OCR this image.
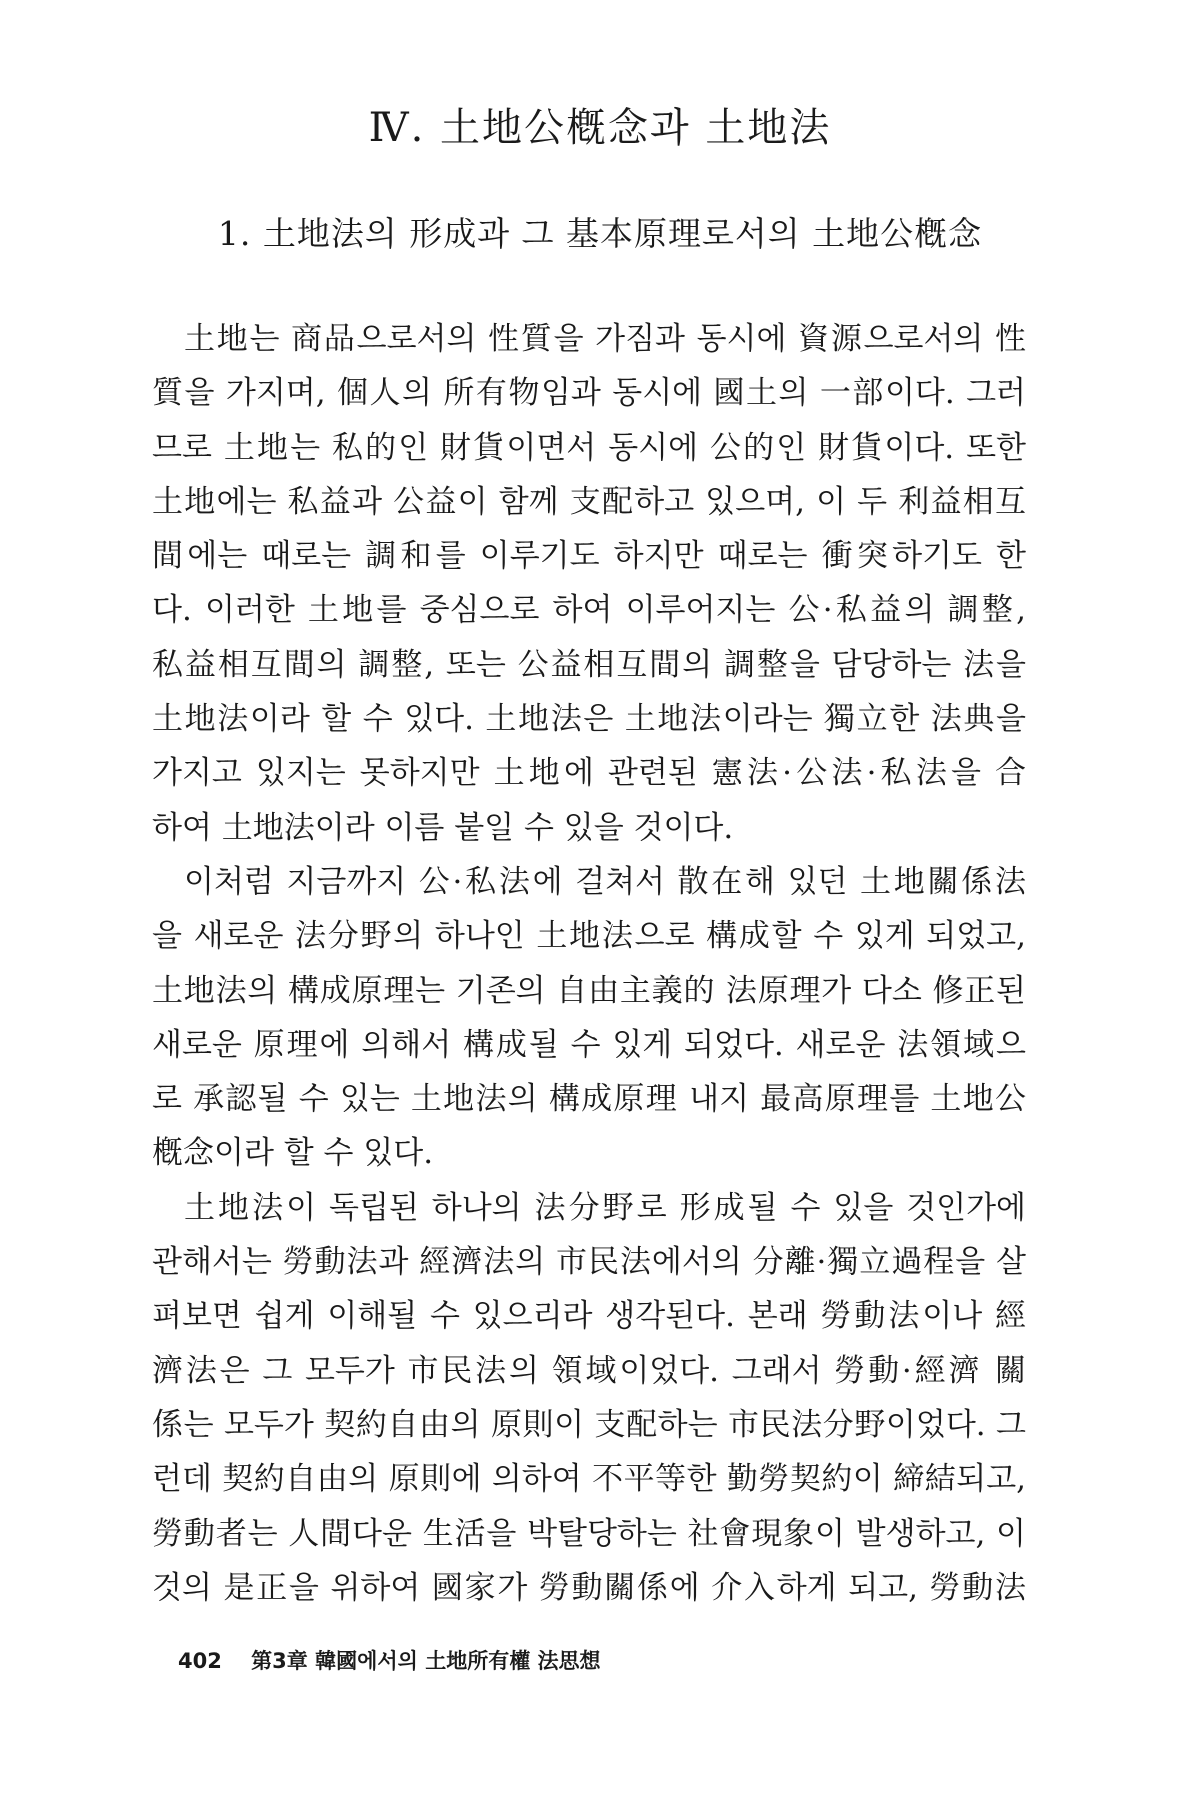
Ⅳ. 土地公槪念과 土地法
1. 土地法의 形成과 그 基本原理로서의 土地公槪念
土地는 商品으로서의 性質을 가짐과 동시에 資源으로서의 性
質을 가지며, 個人의 所有物임과 동시에 國土의 一部이다. 그러
므로 土地는 私的인 財貨이면서 동시에 公的인 財貨이다. 또한
土地에는 私益과 公益이 함께 支配하고 있으며, 이 두 利益相互
間에는 때로는 調和를 이루기도 하지만 때로는 衝突하기도 한
다. 이러한 土地를 중심으로 하여 이루어지는 公·私益의 調整,
私益相互間의 調整, 또는 公益相互間의 調整을 담당하는 法을
土地法이라 할 수 있다. 土地法은 土地法이라는 獨立한 法典을
가지고 있지는 못하지만 土地에 관련된 憲法·公法·私法을 合
하여 土地法이라 이름 붙일 수 있을 것이다.
이처럼 지금까지 公·私法에 걸쳐서 散在해 있던 土地關係法
을 새로운 法分野의 하나인 土地法으로 構成할 수 있게 되었고,
土地法의 構成原理는 기존의 自由主義的 法原理가 다소 修正된
새로운 原理에 의해서 構成될 수 있게 되었다. 새로운 法領域으
로 承認될 수 있는 土地法의 構成原理 내지 最高原理를 土地公
槪念이라 할 수 있다.
土地法이 독립된 하나의 法分野로 形成될 수 있을 것인가에
관해서는 勞動法과 經濟法의 市民法에서의 分離·獨立過程을 살
펴보면 쉽게 이해될 수 있으리라 생각된다. 본래 勞動法이나 經
濟法은 그 모두가 市民法의 領域이었다. 그래서 勞動·經濟 關
係는 모두가 契約自由의 原則이 支配하는 市民法分野이었다. 그
런데 契約自由의 原則에 의하여 不平等한 勤勞契約이 締結되고,
勞動者는 人間다운 生活을 박탈당하는 社會現象이 발생하고, 이
것의 是正을 위하여 國家가 勞動關係에 介入하게 되고, 勞動法
402 第3章 韓國에서의 土地所有權 法思想
